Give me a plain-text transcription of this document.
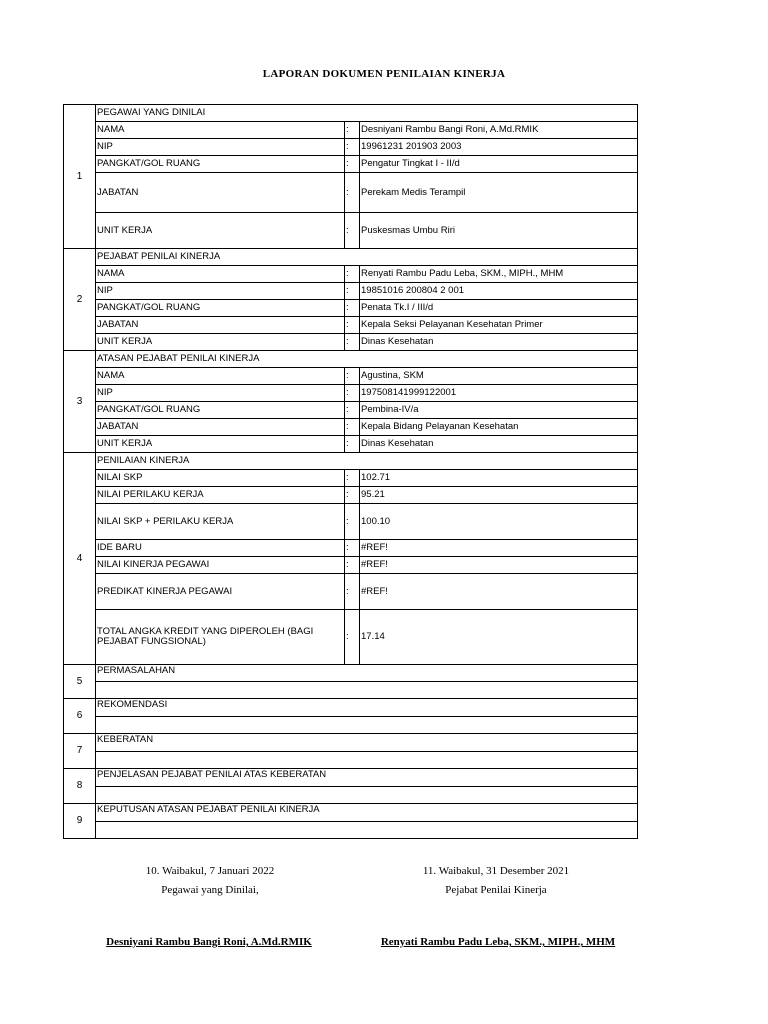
LAPORAN DOKUMEN PENILAIAN KINERJA
1	PEGAWAI YANG DINILAI		
	NAMA	:	Desniyani Rambu Bangi Roni, A.Md.RMIK
	NIP	:	19961231 201903 2003
	PANGKAT/GOL RUANG	:	Pengatur Tingkat I - II/d
	JABATAN	:	Perekam Medis Terampil
	UNIT KERJA	:	Puskesmas Umbu Riri
2	PEJABAT PENILAI KINERJA		
	NAMA	:	Renyati Rambu Padu Leba, SKM., MIPH., MHM
	NIP	:	19851016 200804 2 001
	PANGKAT/GOL RUANG	:	Penata Tk.I / III/d
	JABATAN	:	Kepala Seksi Pelayanan Kesehatan Primer
	UNIT KERJA	:	Dinas Kesehatan
3	ATASAN PEJABAT PENILAI KINERJA		
	NAMA	:	Agustina, SKM
	NIP	:	197508141999122001
	PANGKAT/GOL RUANG	:	Pembina-IV/a
	JABATAN	:	Kepala Bidang Pelayanan Kesehatan
	UNIT KERJA	:	Dinas Kesehatan
4	PENILAIAN KINERJA		
	NILAI SKP	:	102.71
	NILAI PERILAKU KERJA	:	95.21
	NILAI SKP + PERILAKU KERJA	:	100.10
	IDE BARU	:	#REF!
	NILAI KINERJA PEGAWAI	:	#REF!
	PREDIKAT KINERJA PEGAWAI	:	#REF!
	TOTAL ANGKA KREDIT YANG DIPEROLEH (BAGI PEJABAT FUNGSIONAL)	:	17.14
5	PERMASALAHAN		

6	REKOMENDASI		

7	KEBERATAN		

8	PENJELASAN PEJABAT PENILAI ATAS KEBERATAN		

9	KEPUTUSAN ATASAN PEJABAT PENILAI KINERJA		

10. Waibakul, 7 Januari 2022
Pegawai yang Dinilai,
Desniyani Rambu Bangi Roni, A.Md.RMIK
11. Waibakul, 31 Desember 2021
Pejabat Penilai Kinerja
Renyati Rambu Padu Leba, SKM., MIPH., MHM
